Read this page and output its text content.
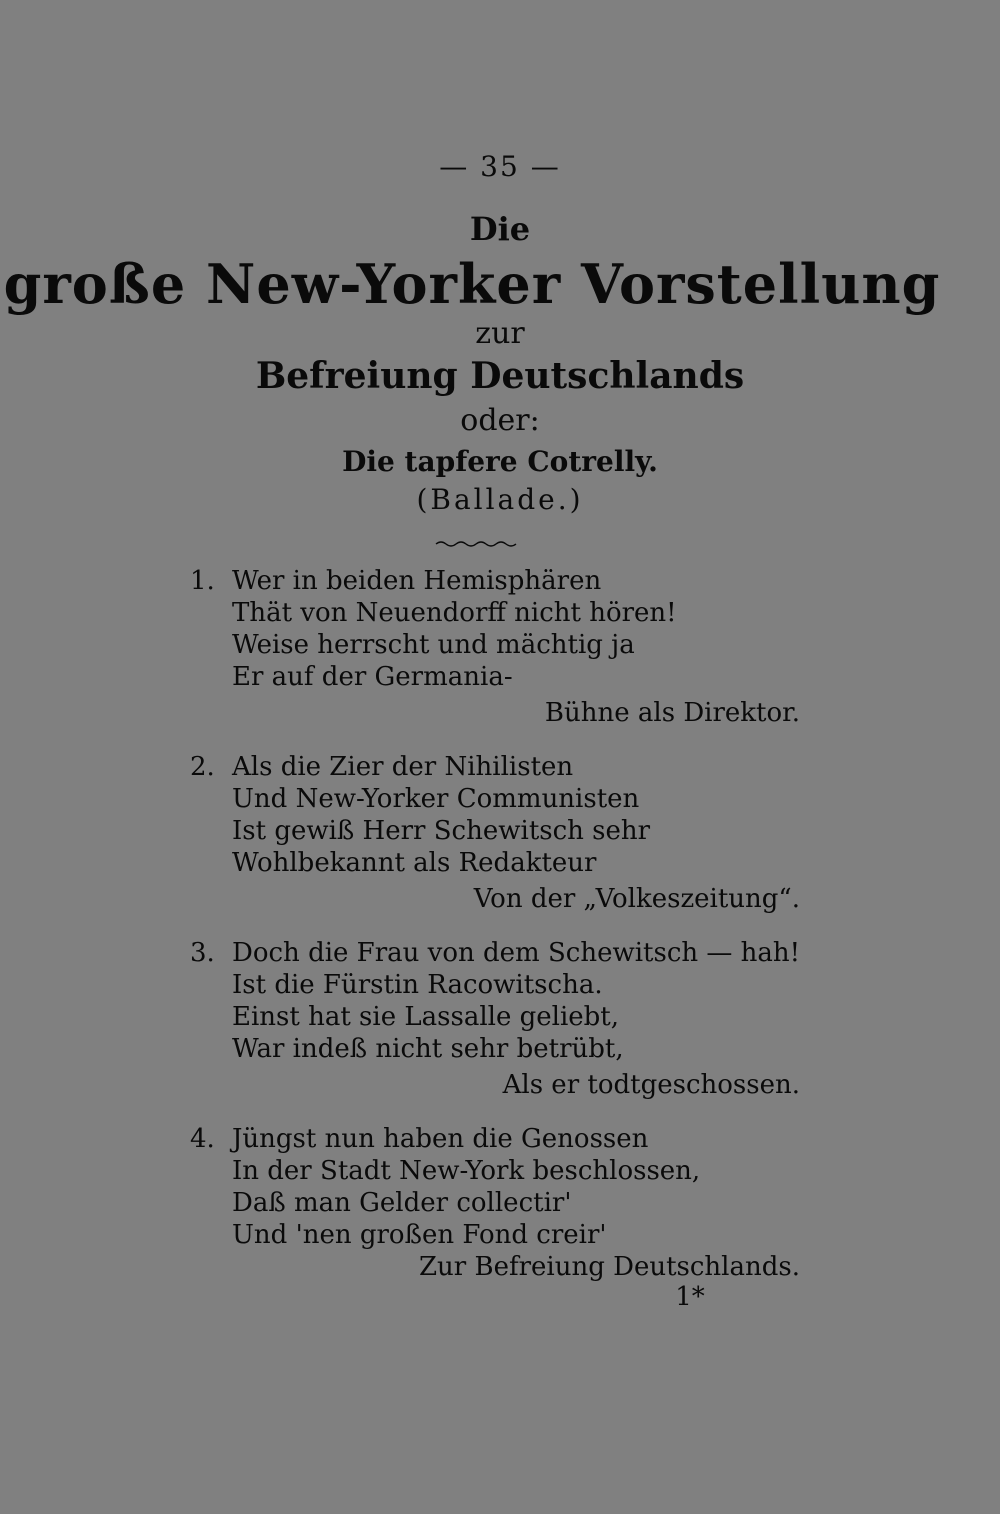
— 35 —
Die
große New-Yorker Vorstellung
zur
Befreiung Deutschlands
oder:
Die tapfere Cotrelly.
(Ballade.)
1. Wer in beiden Hemisphären
Thät von Neuendorff nicht hören!
Weise herrscht und mächtig ja
Er auf der Germania-
Bühne als Direktor.
2. Als die Zier der Nihilisten
Und New-Yorker Communisten
Ist gewiß Herr Schewitsch sehr
Wohlbekannt als Redakteur
Von der „Volkeszeitung“.
3. Doch die Frau von dem Schewitsch — hah!
Ist die Fürstin Racowitscha.
Einst hat sie Lassalle geliebt,
War indeß nicht sehr betrübt,
Als er todtgeschossen.
4. Jüngst nun haben die Genossen
In der Stadt New-York beschlossen,
Daß man Gelder collectir'
Und 'nen großen Fond creir'
Zur Befreiung Deutschlands.
1*
